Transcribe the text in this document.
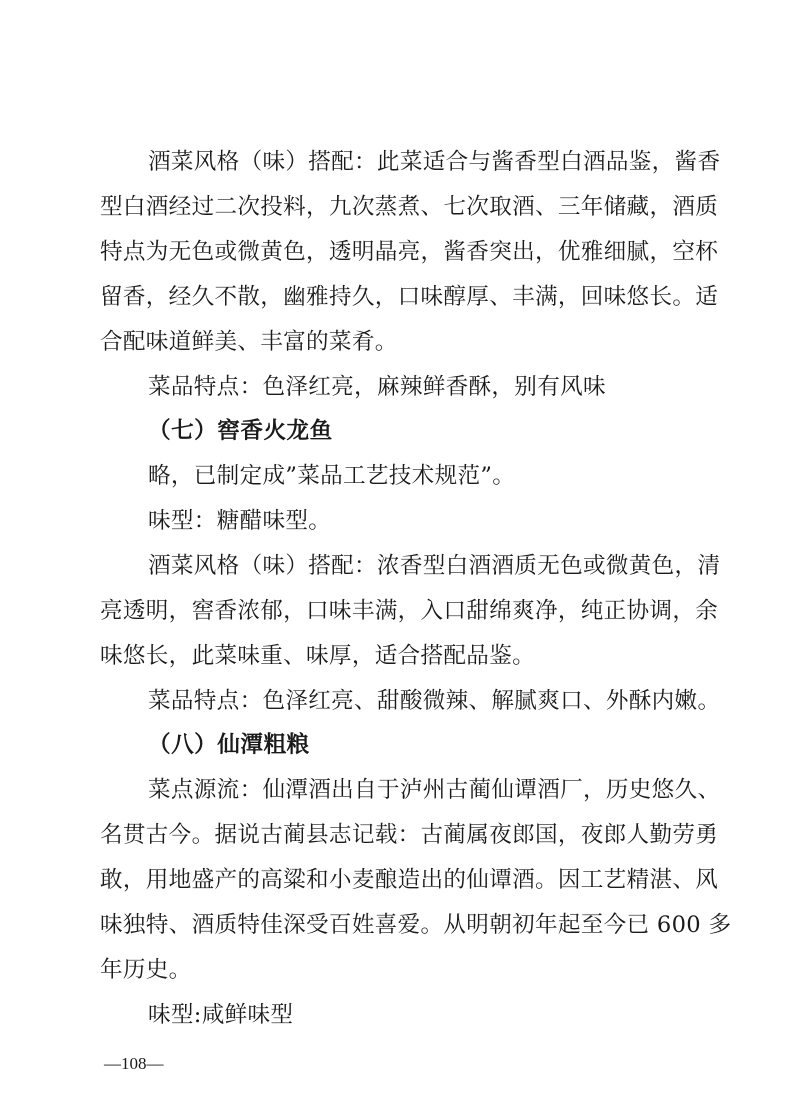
酒菜风格（味）搭配：此菜适合与酱香型白酒品鉴，酱香
型白酒经过二次投料，九次蒸煮、七次取酒、三年储藏，酒质
特点为无色或微黄色，透明晶亮，酱香突出，优雅细腻，空杯
留香，经久不散，幽雅持久，口味醇厚、丰满，回味悠长。适
合配味道鲜美、丰富的菜肴。
菜品特点：色泽红亮，麻辣鲜香酥，别有风味
（七）窖香火龙鱼
略，已制定成”菜品工艺技术规范”。
味型：糖醋味型。
酒菜风格（味）搭配：浓香型白酒酒质无色或微黄色，清
亮透明，窖香浓郁，口味丰满，入口甜绵爽净，纯正协调，余
味悠长，此菜味重、味厚，适合搭配品鉴。
菜品特点：色泽红亮、甜酸微辣、解腻爽口、外酥内嫩。
（八）仙潭粗粮
菜点源流：仙潭酒出自于泸州古蔺仙谭酒厂，历史悠久、
名贯古今。据说古蔺县志记载：古蔺属夜郎国，夜郎人勤劳勇
敢，用地盛产的高粱和小麦酿造出的仙谭酒。因工艺精湛、风
味独特、酒质特佳深受百姓喜爱。从明朝初年起至今已 600 多
年历史。
味型:咸鲜味型
—108—
